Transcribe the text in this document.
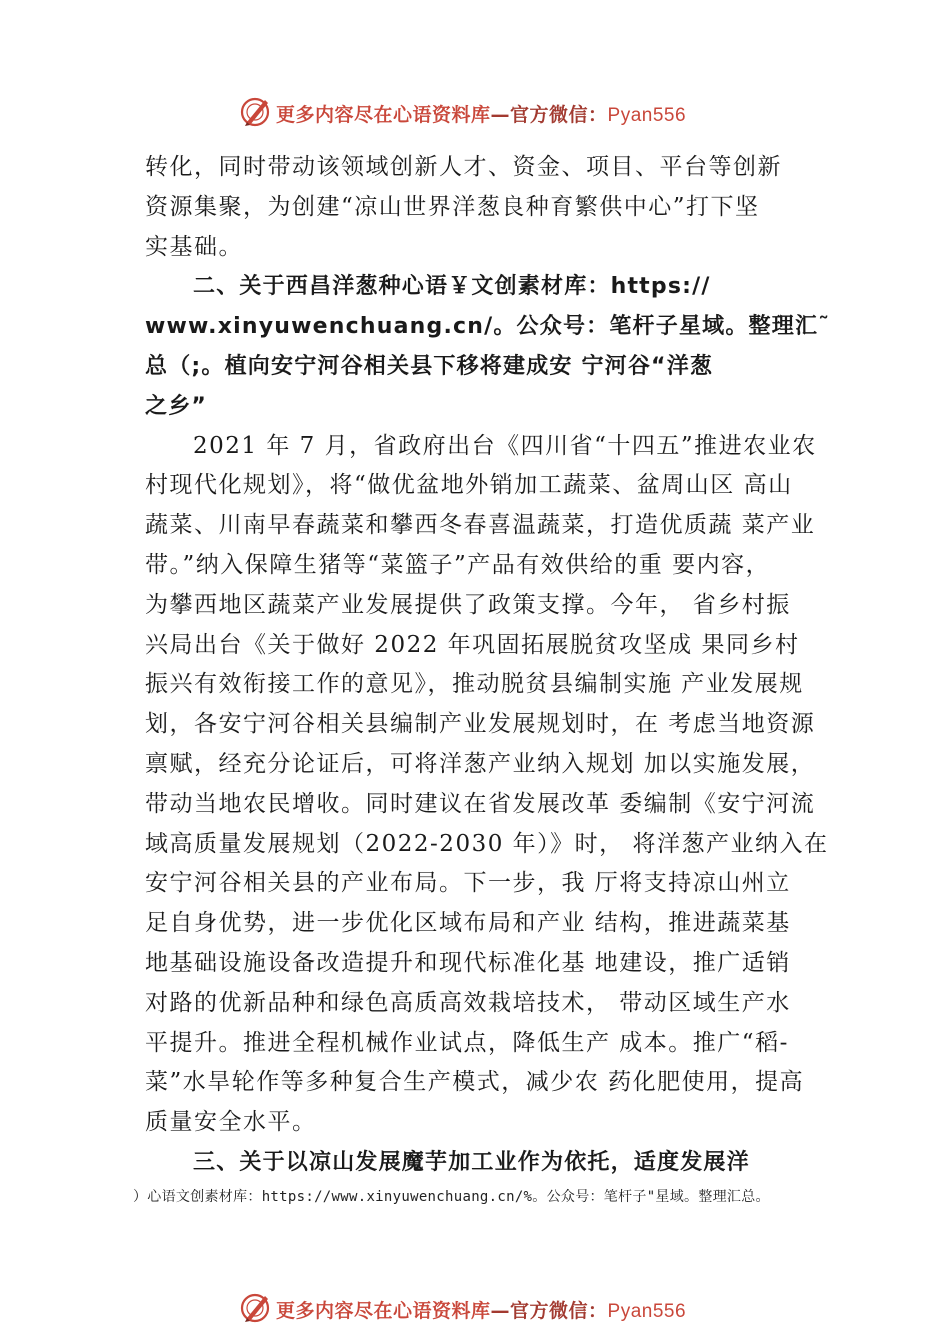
更多内容尽在心语资料库—官方微信：Pyan556
转化，同时带动该领域创新人才、资金、项目、平台等创新
资源集聚，为创建“凉山世界洋葱良种育繁供中心”打下坚
实基础。
二、关于西昌洋葱种心语￥文创素材库：https://
www.xinyuwenchuang.cn/。公众号：笔杆子星域。整理汇˜
总（;。植向安宁河谷相关县下移将建成安 宁河谷“洋葱
之乡”
2021 年 7 月，省政府出台《四川省“十四五”推进农业农
村现代化规划》，将“做优盆地外销加工蔬菜、盆周山区 高山
蔬菜、川南早春蔬菜和攀西冬春喜温蔬菜，打造优质蔬 菜产业
带。”纳入保障生猪等“菜篮子”产品有效供给的重 要内容，
为攀西地区蔬菜产业发展提供了政策支撑。今年， 省乡村振
兴局出台《关于做好 2022 年巩固拓展脱贫攻坚成 果同乡村
振兴有效衔接工作的意见》，推动脱贫县编制实施 产业发展规
划，各安宁河谷相关县编制产业发展规划时，在 考虑当地资源
禀赋，经充分论证后，可将洋葱产业纳入规划 加以实施发展，
带动当地农民增收。同时建议在省发展改革 委编制《安宁河流
域高质量发展规划（2022-2030 年）》时， 将洋葱产业纳入在
安宁河谷相关县的产业布局。下一步，我 厅将支持凉山州立
足自身优势，进一步优化区域布局和产业 结构，推进蔬菜基
地基础设施设备改造提升和现代标准化基 地建设，推广适销
对路的优新品种和绿色高质高效栽培技术， 带动区域生产水
平提升。推进全程机械作业试点，降低生产 成本。推广“稻-
菜”水旱轮作等多种复合生产模式，减少农 药化肥使用，提高
质量安全水平。
三、关于以凉山发展魔芋加工业作为依托，适度发展洋
）心语文创素材库：https://www.xinyuwenchuang.cn/%。公众号：笔杆子"星域。整理汇总。
更多内容尽在心语资料库—官方微信：Pyan556
